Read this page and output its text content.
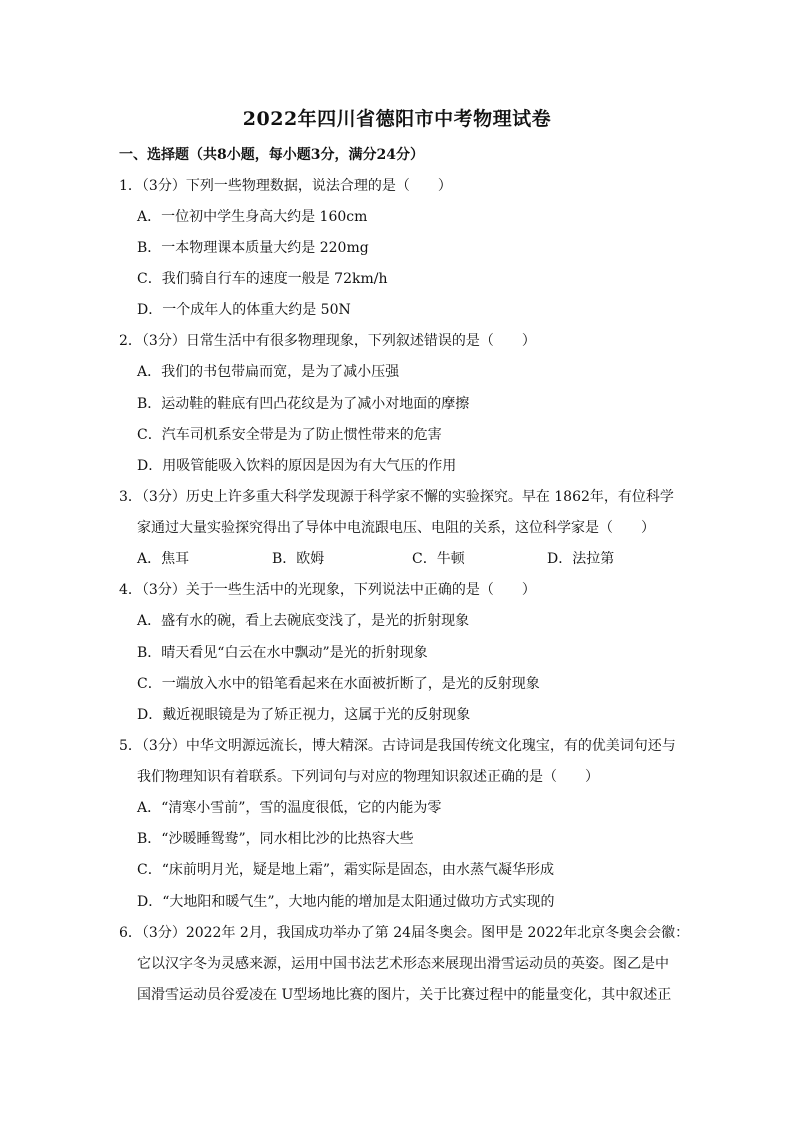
2022年四川省德阳市中考物理试卷
一、选择题（共8小题，每小题3分，满分24分）
1．（3分）下列一些物理数据，说法合理的是（　　）
A．一位初中学生身高大约是 160cm
B．一本物理课本质量大约是 220mg
C．我们骑自行车的速度一般是 72km/h
D．一个成年人的体重大约是 50N
2．（3分）日常生活中有很多物理现象，下列叙述错误的是（　　）
A．我们的书包带扁而宽，是为了减小压强
B．运动鞋的鞋底有凹凸花纹是为了减小对地面的摩擦
C．汽车司机系安全带是为了防止惯性带来的危害
D．用吸管能吸入饮料的原因是因为有大气压的作用
3．（3分）历史上许多重大科学发现源于科学家不懈的实验探究。早在 1862年，有位科学
家通过大量实验探究得出了导体中电流跟电压、电阻的关系，这位科学家是（　　）
A．焦耳	B．欧姆	C．牛顿	D．法拉第
4．（3分）关于一些生活中的光现象，下列说法中正确的是（　　）
A．盛有水的碗，看上去碗底变浅了，是光的折射现象
B．晴天看见“白云在水中飘动”是光的折射现象
C．一端放入水中的铅笔看起来在水面被折断了，是光的反射现象
D．戴近视眼镜是为了矫正视力，这属于光的反射现象
5．（3分）中华文明源远流长，博大精深。古诗词是我国传统文化瑰宝，有的优美词句还与
我们物理知识有着联系。下列词句与对应的物理知识叙述正确的是（　　）
A．“清寒小雪前”，雪的温度很低，它的内能为零
B．“沙暖睡鸳鸯”，同水相比沙的比热容大些
C．“床前明月光，疑是地上霜”，霜实际是固态，由水蒸气凝华形成
D．“大地阳和暖气生”，大地内能的增加是太阳通过做功方式实现的
6．（3分）2022年 2月，我国成功举办了第 24届冬奥会。图甲是 2022年北京冬奥会会徽：
它以汉字冬为灵感来源，运用中国书法艺术形态来展现出滑雪运动员的英姿。图乙是中
国滑雪运动员谷爱凌在 U型场地比赛的图片，关于比赛过程中的能量变化，其中叙述正
